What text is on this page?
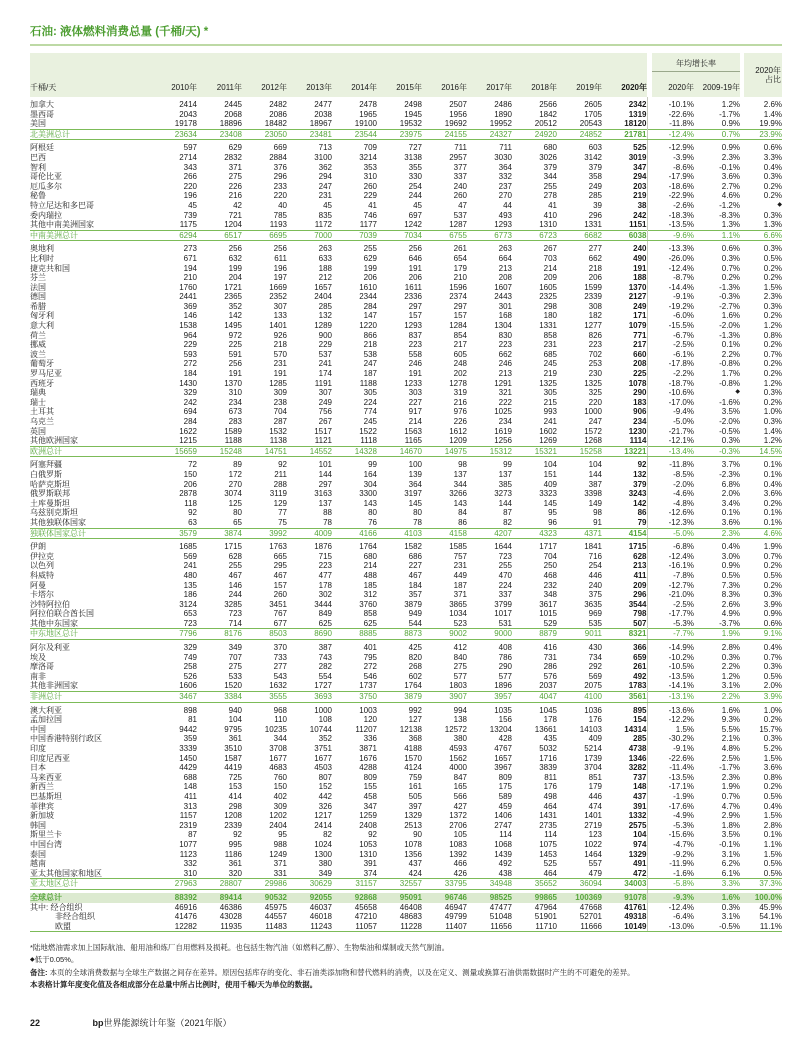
石油: 液体燃料消费总量 (千桶/天) *
													年均增长率			2020年
占比
千桶/天	2010年	2011年	2012年	2013年	2014年	2015年	2016年	2017年	2018年	2019年	2020年		2020年	2009-19年		

加拿大	2414	2445	2482	2477	2478	2498	2507	2486	2566	2605	2342		-10.1%	1.2%		2.6%
墨西哥	2043	2068	2086	2038	1965	1945	1956	1890	1842	1705	1319		-22.6%	-1.7%		1.4%
美国	19178	18896	18482	18967	19100	19532	19692	19952	20512	20543	18120		-11.8%	0.9%		19.9%
北美洲总计	23634	23408	23050	23481	23544	23975	24155	24327	24920	24852	21781		-12.4%	0.7%		23.9%

阿根廷	597	629	669	713	709	727	711	711	680	603	525		-12.9%	0.9%		0.6%
巴西	2714	2832	2884	3100	3214	3138	2957	3030	3026	3142	3019		-3.9%	2.3%		3.3%
智利	343	371	376	362	353	355	377	364	379	379	347		-8.6%	-0.1%		0.4%
哥伦比亚	266	275	296	294	310	330	337	332	344	358	294		-17.9%	3.6%		0.3%
厄瓜多尔	220	226	233	247	260	254	240	237	255	249	203		-18.6%	2.7%		0.2%
秘鲁	196	216	220	231	229	244	260	270	278	285	219		-22.9%	4.6%		0.2%
特立尼达和多巴哥	45	42	40	45	41	45	47	44	41	39	38		-2.6%	-1.2%		◆
委内瑞拉	739	721	785	835	746	697	537	493	410	296	242		-18.3%	-8.3%		0.3%
其他中南美洲国家	1175	1204	1193	1172	1177	1242	1287	1293	1310	1331	1151		-13.5%	1.3%		1.3%
中南美洲总计	6294	6517	6695	7000	7039	7034	6755	6773	6723	6682	6038		-9.6%	1.1%		6.6%

奥地利	273	256	256	263	255	256	261	263	267	277	240		-13.3%	0.6%		0.3%
比利时	671	632	611	633	629	646	654	664	703	662	490		-26.0%	0.3%		0.5%
捷克共和国	194	199	196	188	199	191	179	213	214	218	191		-12.4%	0.7%		0.2%
芬兰	210	204	197	212	206	206	210	208	209	206	188		-8.7%	0.2%		0.2%
法国	1760	1721	1669	1657	1610	1611	1596	1607	1605	1599	1370		-14.4%	-1.3%		1.5%
德国	2441	2365	2352	2404	2344	2336	2374	2443	2325	2339	2127		-9.1%	-0.3%		2.3%
希腊	369	352	307	285	284	297	297	301	298	308	249		-19.2%	-2.7%		0.3%
匈牙利	146	142	133	132	147	157	157	168	180	182	171		-6.0%	1.6%		0.2%
意大利	1538	1495	1401	1289	1220	1293	1284	1304	1331	1277	1079		-15.5%	-2.0%		1.2%
荷兰	964	972	926	900	866	837	854	830	858	826	771		-6.7%	-1.3%		0.8%
挪威	229	225	218	229	218	223	217	223	231	223	217		-2.5%	0.1%		0.2%
波兰	593	591	570	537	538	558	605	662	685	702	660		-6.1%	2.2%		0.7%
葡萄牙	272	256	231	241	247	246	248	246	245	253	208		-17.8%	-0.8%		0.2%
罗马尼亚	184	191	191	174	187	191	202	213	219	230	225		-2.2%	1.7%		0.2%
西班牙	1430	1370	1285	1191	1188	1233	1278	1291	1325	1325	1078		-18.7%	-0.8%		1.2%
瑞典	329	310	309	307	305	303	319	321	305	325	290		-10.6%	◆		0.3%
瑞士	242	234	238	249	224	227	216	222	215	220	183		-17.0%	-1.6%		0.2%
土耳其	694	673	704	756	774	917	976	1025	993	1000	906		-9.4%	3.5%		1.0%
乌克兰	284	283	287	267	245	214	226	234	241	247	234		-5.0%	-2.0%		0.3%
英国	1622	1589	1532	1517	1522	1563	1612	1619	1602	1572	1230		-21.7%	-0.5%		1.4%
其他欧洲国家	1215	1188	1138	1121	1118	1165	1209	1256	1269	1268	1114		-12.1%	0.3%		1.2%
欧洲总计	15659	15248	14751	14552	14328	14670	14975	15312	15321	15258	13221		-13.4%	-0.3%		14.5%

阿塞拜疆	72	89	92	101	99	100	98	99	104	104	92		-11.8%	3.7%		0.1%
白俄罗斯	150	172	211	144	164	139	137	137	151	144	132		-8.5%	-2.3%		0.1%
哈萨克斯坦	206	270	288	297	304	364	344	385	409	387	379		-2.0%	6.8%		0.4%
俄罗斯联邦	2878	3074	3119	3163	3300	3197	3266	3273	3323	3398	3243		-4.6%	2.0%		3.6%
土库曼斯坦	118	125	129	137	143	145	143	144	145	149	142		-4.8%	3.4%		0.2%
乌兹别克斯坦	92	80	77	88	80	80	84	87	95	98	86		-12.6%	0.1%		0.1%
其他独联体国家	63	65	75	78	76	78	86	82	96	91	79		-12.3%	3.6%		0.1%
独联体国家总计	3579	3874	3992	4009	4166	4103	4158	4207	4323	4371	4154		-5.0%	2.3%		4.6%

伊朗	1685	1715	1763	1876	1764	1582	1585	1644	1717	1841	1715		-6.8%	0.4%		1.9%
伊拉克	569	628	665	715	680	686	757	723	704	716	628		-12.4%	3.0%		0.7%
以色列	241	255	295	223	214	227	231	255	250	254	213		-16.1%	0.9%		0.2%
科威特	480	467	467	477	488	467	449	470	468	446	411		-7.8%	0.5%		0.5%
阿曼	135	146	157	178	185	184	187	224	232	240	209		-12.7%	7.3%		0.2%
卡塔尔	186	244	260	302	312	357	371	337	348	375	296		-21.0%	8.3%		0.3%
沙特阿拉伯	3124	3285	3451	3444	3760	3879	3865	3799	3617	3635	3544		-2.5%	2.6%		3.9%
阿拉伯联合酋长国	653	723	767	849	858	949	1034	1017	1015	969	798		-17.7%	4.9%		0.9%
其他中东国家	723	714	677	625	625	544	523	531	529	535	507		-5.3%	-3.7%		0.6%
中东地区总计	7796	8176	8503	8690	8885	8873	9002	9000	8879	9011	8321		-7.7%	1.9%		9.1%

阿尔及利亚	329	349	370	387	401	425	412	408	416	430	366		-14.9%	2.8%		0.4%
埃及	749	707	733	743	795	820	840	786	731	734	659		-10.2%	0.3%		0.7%
摩洛哥	258	275	277	282	272	268	275	290	286	292	261		-10.5%	2.2%		0.3%
南非	526	533	543	554	546	602	577	577	576	569	492		-13.5%	1.2%		0.5%
其他非洲国家	1606	1520	1632	1727	1737	1764	1803	1896	2037	2075	1783		-14.1%	3.1%		2.0%
非洲总计	3467	3384	3555	3693	3750	3879	3907	3957	4047	4100	3561		-13.1%	2.2%		3.9%

澳大利亚	898	940	968	1000	1003	992	994	1035	1045	1036	895		-13.6%	1.6%		1.0%
孟加拉国	81	104	110	108	120	127	138	156	178	176	154		-12.2%	9.3%		0.2%
中国	9442	9795	10235	10744	11207	12138	12572	13204	13661	14103	14314		1.5%	5.5%		15.7%
中国香港特别行政区	359	361	344	352	336	368	380	428	435	409	285		-30.2%	2.1%		0.3%
印度	3339	3510	3708	3751	3871	4188	4593	4767	5032	5214	4738		-9.1%	4.8%		5.2%
印度尼西亚	1450	1587	1677	1677	1676	1570	1562	1657	1716	1739	1346		-22.6%	2.5%		1.5%
日本	4429	4419	4683	4503	4288	4124	4000	3967	3839	3704	3282		-11.4%	-1.7%		3.6%
马来西亚	688	725	760	807	809	759	847	809	811	851	737		-13.5%	2.3%		0.8%
新西兰	148	153	150	152	155	161	165	175	176	179	148		-17.1%	1.9%		0.2%
巴基斯坦	411	414	402	442	458	505	566	589	498	446	437		-1.9%	0.7%		0.5%
菲律宾	313	298	309	326	347	397	427	459	464	474	391		-17.6%	4.7%		0.4%
新加坡	1157	1208	1202	1217	1259	1329	1372	1406	1431	1401	1332		-4.9%	2.9%		1.5%
韩国	2319	2339	2404	2414	2408	2513	2706	2747	2735	2719	2575		-5.3%	1.8%		2.8%
斯里兰卡	87	92	95	82	92	90	105	114	114	123	104		-15.6%	3.5%		0.1%
中国台湾	1077	995	988	1024	1053	1078	1083	1068	1075	1022	974		-4.7%	-0.1%		1.1%
泰国	1123	1186	1249	1300	1310	1356	1392	1439	1453	1464	1329		-9.2%	3.1%		1.5%
越南	332	361	371	380	391	437	466	492	525	557	491		-11.9%	6.2%		0.5%
亚太其他国家和地区	310	320	331	349	374	424	426	438	464	479	472		-1.6%	6.1%		0.5%
亚太地区总计	27963	28807	29986	30629	31157	32557	33795	34948	35652	36094	34003		-5.8%	3.3%		37.3%

全球总计	88392	89414	90532	92055	92868	95091	96746	98525	99865	100369	91078		-9.3%	1.6%		100.0%
其中: 经合组织	46916	46386	45975	46037	45658	46408	46947	47477	47964	47668	41761		-12.4%	0.3%		45.9%
非经合组织	41476	43028	44557	46018	47210	48683	49799	51048	51901	52701	49318		-6.4%	3.1%		54.1%
欧盟	12282	11935	11483	11243	11057	11228	11407	11656	11710	11666	10149		-13.0%	-0.5%		11.1%

*陆地燃油需求加上国际航油、船用油和炼厂自用燃料及损耗。也包括生物汽油（如燃料乙醇）、生物柴油和煤制或天然气制油。

◆低于0.05%。

备注: 本页的全球消费数据与全球生产数据之间存在差异。原因包括库存的变化、非石油类添加物和替代燃料的消费，以及在定义、测量或换算石油供需数据时产生的不可避免的差异。

本表格计算年度变化值及各组成部分在总量中所占比例时，使用千桶/天为单位的数据。

22	bp世界能源统计年鉴（2021年版）
